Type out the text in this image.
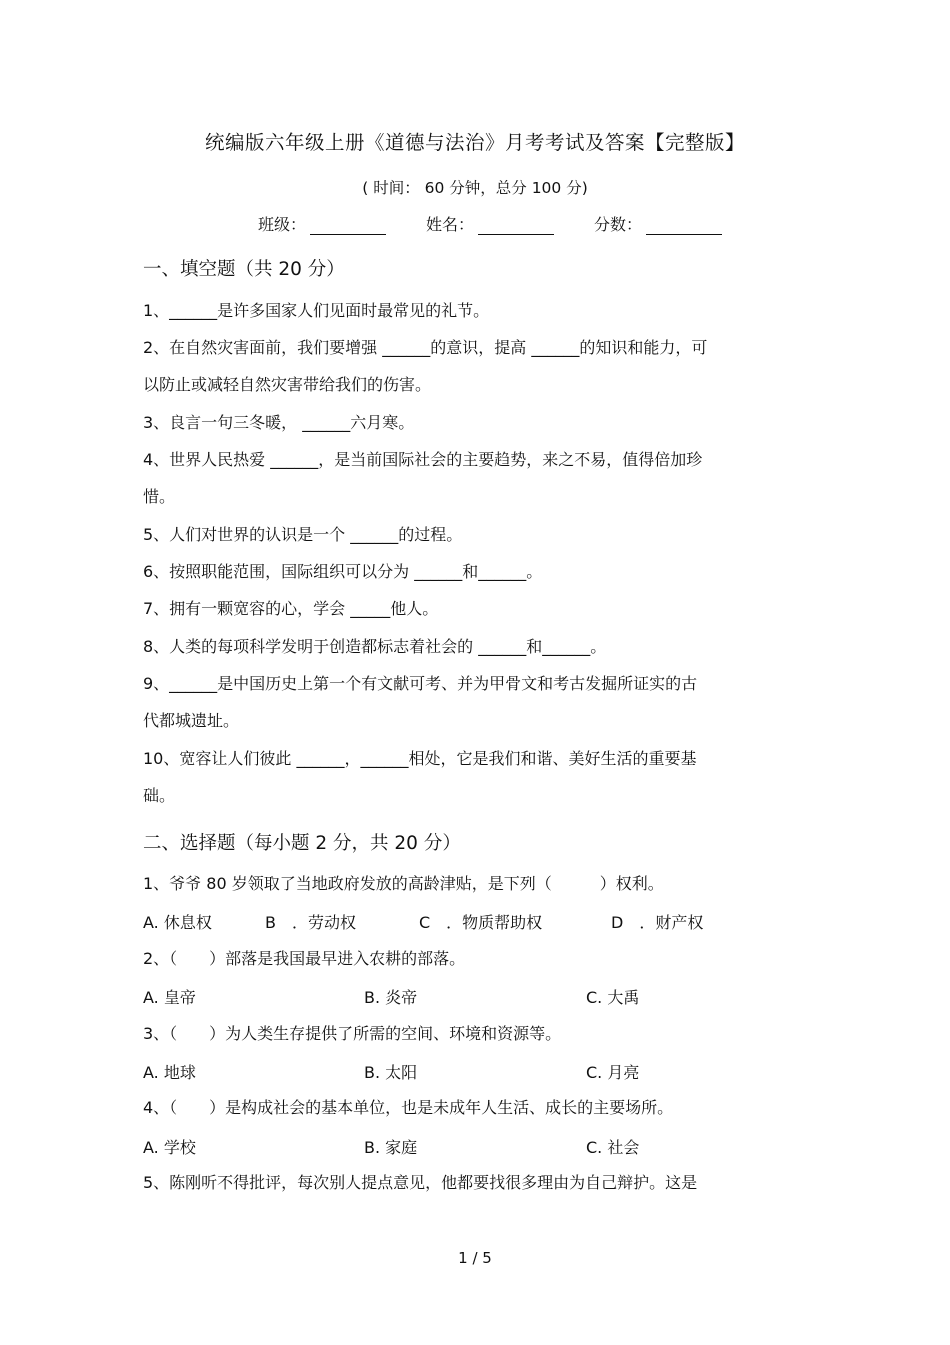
统编版六年级上册《道德与法治》月考考试及答案【完整版】
( 时间： 60 分钟，总分 100 分)
班级：	姓名：	分数：
一、填空题（共 20 分）
1、______是许多国家人们见面时最常见的礼节。
2、在自然灾害面前，我们要增强 ______的意识，提高 ______的知识和能力，可
以防止或减轻自然灾害带给我们的伤害。
3、良言一句三冬暖， ______六月寒。
4、世界人民热爱 ______，是当前国际社会的主要趋势，来之不易，值得倍加珍
惜。
5、人们对世界的认识是一个 ______的过程。
6、按照职能范围，国际组织可以分为 ______和______。
7、拥有一颗宽容的心，学会 _____他人。
8、人类的每项科学发明于创造都标志着社会的 ______和______。
9、______是中国历史上第一个有文献可考、并为甲骨文和考古发掘所证实的古
代都城遗址。
10、宽容让人们彼此 ______，______相处，它是我们和谐、美好生活的重要基
础。
二、选择题（每小题 2 分，共 20 分）
1、爷爷 80 岁领取了当地政府发放的高龄津贴，是下列（　　　）权利。
A. 休息权	B　．劳动权	C　．物质帮助权	D　．财产权
2、（　　）部落是我国最早进入农耕的部落。
A. 皇帝	B. 炎帝	C. 大禹
3、（　　）为人类生存提供了所需的空间、环境和资源等。
A. 地球	B. 太阳	C. 月亮
4、（　　）是构成社会的基本单位，也是未成年人生活、成长的主要场所。
A. 学校	B. 家庭	C. 社会
5、陈刚听不得批评，每次别人提点意见，他都要找很多理由为自己辩护。这是
1 / 5
